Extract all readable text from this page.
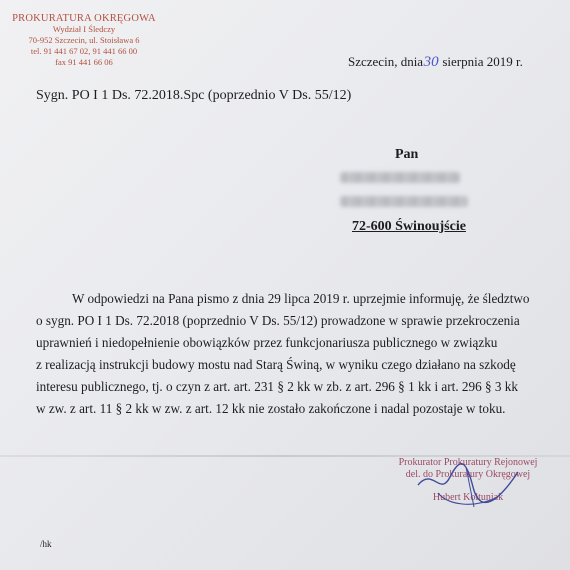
PROKURATURA OKRĘGOWA
Wydział I Śledczy
70-952 Szczecin, ul. Stoisława 6
tel. 91 441 67 02, 91 441 66 00
fax 91 441 66 06	Szczecin, dnia30 sierpnia 2019 r.
Sygn. PO I 1 Ds. 72.2018.Spc (poprzednio V Ds. 55/12)
Pan
72-600 Świnoujście
W odpowiedzi na Pana pismo z dnia 29 lipca 2019 r. uprzejmie informuję, że śledztwo
o sygn. PO I 1 Ds. 72.2018 (poprzednio V Ds. 55/12) prowadzone w sprawie przekroczenia
uprawnień i niedopełnienie obowiązków przez funkcjonariusza publicznego w związku
z realizacją instrukcji budowy mostu nad Starą Świną, w wyniku czego działano na szkodę
interesu publicznego, tj. o czyn z art. art. 231 § 2 kk w zb. z art. 296 § 1 kk i art. 296 § 3 kk
w zw. z art. 11 § 2 kk w zw. z art. 12 kk nie zostało zakończone i nadal pozostaje w toku.
Prokurator Prokuratury Rejonowej
del. do Prokuratury Okręgowej
Hubert Kołtuniak
/hk
